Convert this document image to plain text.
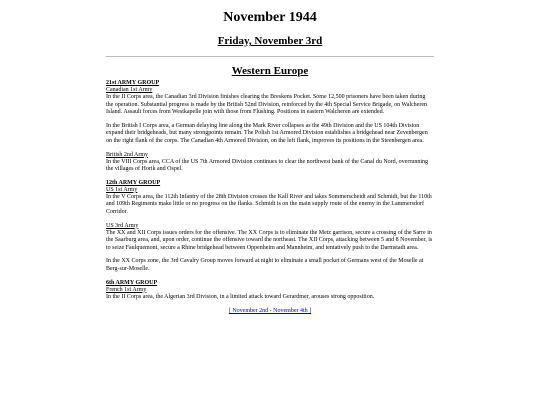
November 1944
Friday, November 3rd
Western Europe
21st ARMY GROUP
Canadian 1st Army

In the II Corps area, the Canadian 3rd Division finishes clearing the Breskens Pocket. Some 12,500 prisoners have been taken during the operation. Substantial progress is made by the British 52nd Division, reinforced by the 4th Special Service Brigade, on Walcheren Island. Assault forces from Westkapelle join with those from Flushing. Positions in eastern Walcheren are extended.

In the British I Corps area, a German delaying line along the Mark River collapses as the 49th Division and the US 104th Division expand their bridgeheads, but many strongpoints remain. The Polish 1st Armored Division establishes a bridgehead near Zevenbergen on the right flank of the corps. The Canadian 4th Armored Division, on the left flank, improves its positions in the Steenbergen area.

British 2nd Army

In the VIII Corps area, CCA of the US 7th Armored Division continues to clear the northwest bank of the Canal du Nord, overrunning the villages of Horik and Ospel.

12th ARMY GROUP
US 1st Army

In the V Corps area, the 112th Infantry of the 28th Division crosses the Kall River and takes Sommerscheidt and Schmidt, but the 110th and 109th Regiments make little or no progress on the flanks. Schmidt is on the main supply route of the enemy in the Lammersdorf Corridor.

US 3rd Army

The XX and XII Corps issues orders for the offensive. The XX Corps is to eliminate the Metz garrison, secure a crossing of the Sarre in the Saarburg area, and, upon order, continue the offensive toward the northeast. The XII Corps, attacking between 5 and 8 November, is to seize Faulquemont, secure a Rhine bridgehead between Oppenheim and Mannheim, and tentatively push to the Darmstadt area.

In the XX Corps zone, the 3rd Cavalry Group moves forward at night to eliminate a small pocket of Germans west of the Moselle at Berg-sur-Moselle.

6th ARMY GROUP
French 1st Army

In the II Corps area, the Algerian 3rd Division, in a limited attack toward Gerardmer, arouses strong opposition.

[ November 2nd - November 4th ]
